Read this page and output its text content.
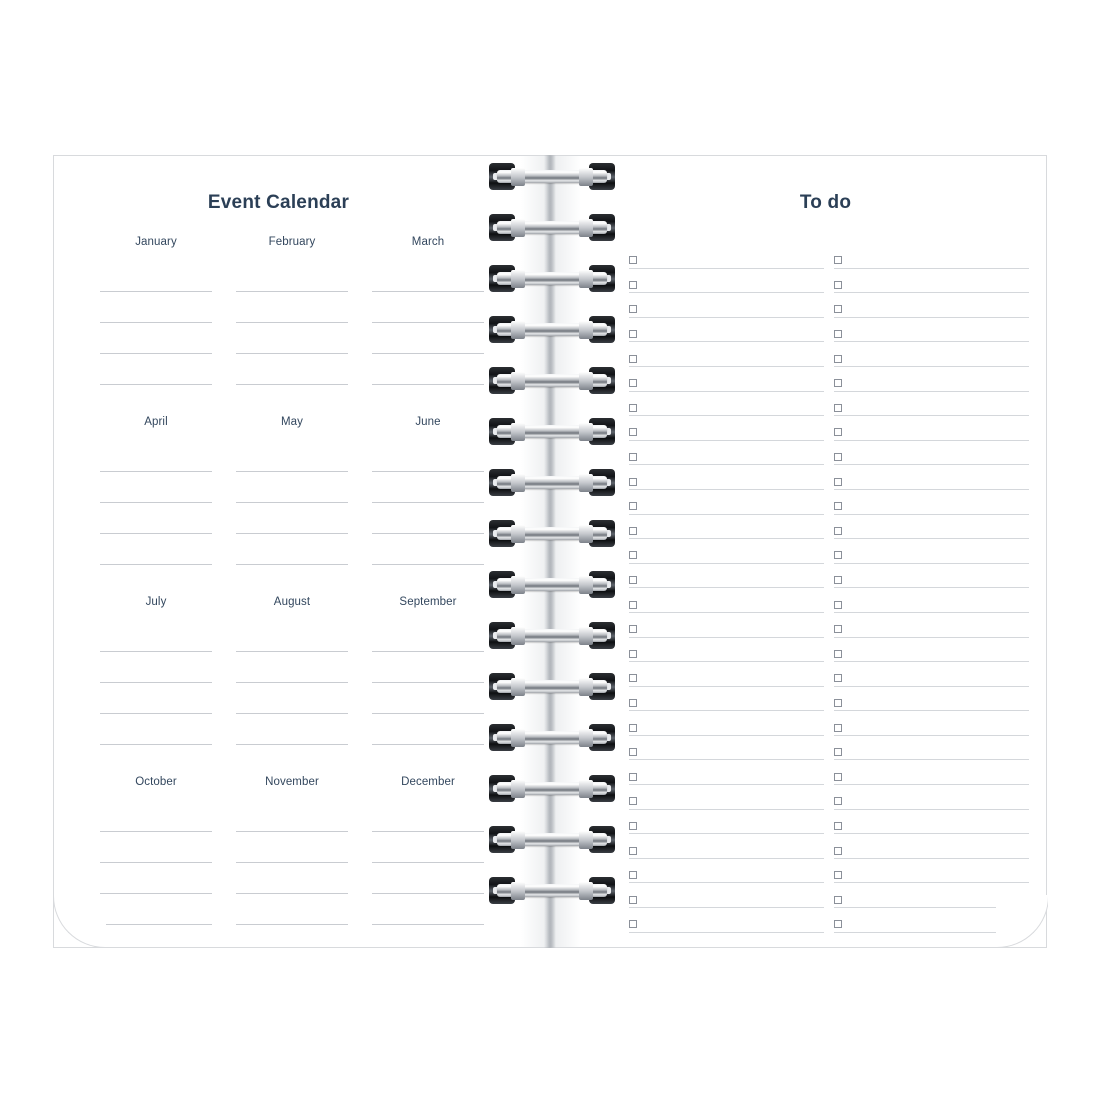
Event Calendar
January	February	March
April	May	June
July	August	September
October	November	December
To do
